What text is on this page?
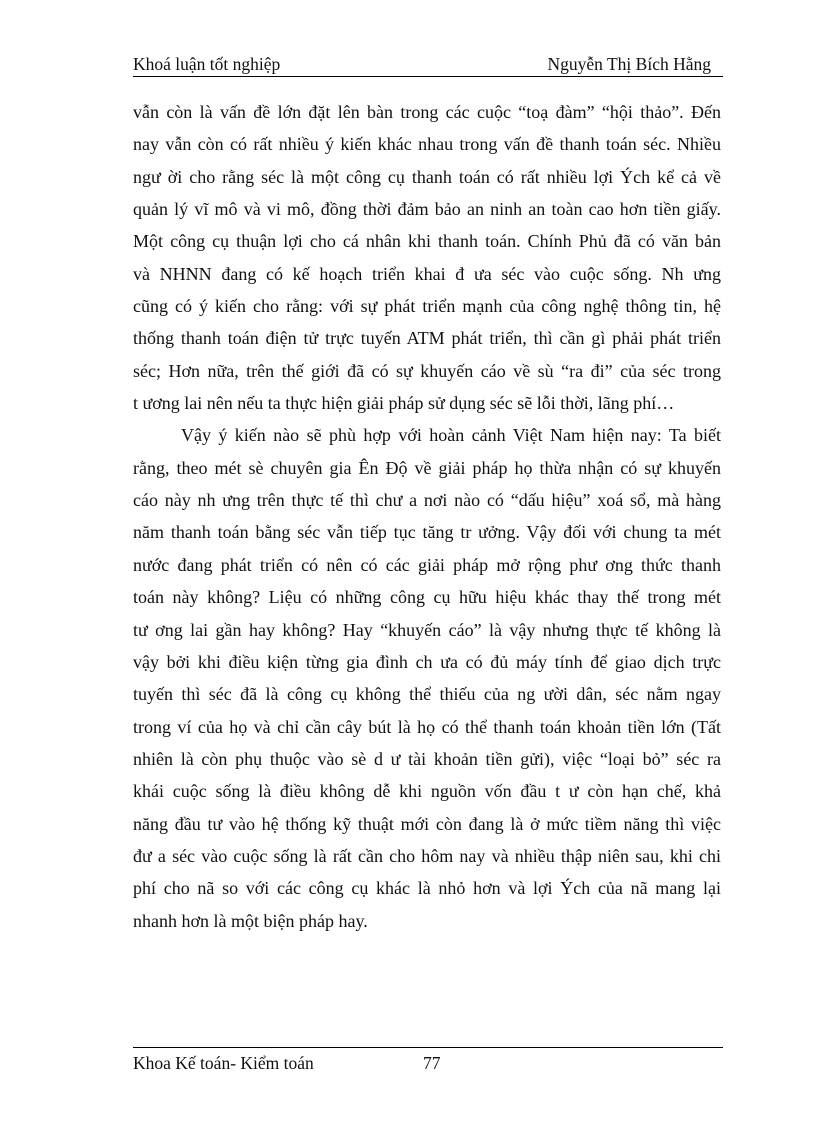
Khoá luận tốt nghiệp	Nguyễn Thị Bích Hằng

vẫn còn là vấn đề lớn đặt lên bàn trong các cuộc “toạ đàm” “hội thảo”. Đến
nay vẫn còn có rất nhiều ý kiến khác nhau trong vấn đề thanh toán séc. Nhiều
ngư ời cho rằng séc là một công cụ thanh toán có rất nhiều lợi Ých kể cả về
quản lý vĩ mô và vi mô, đồng thời đảm bảo an ninh an toàn cao hơn tiền giấy.
Một công cụ thuận lợi cho cá nhân khi thanh toán. Chính Phủ đã có văn bản
và NHNN đang có kế hoạch triển khai đ ưa séc vào cuộc sống. Nh ưng
cũng có ý kiến cho rằng: với sự phát triển mạnh của công nghệ thông tin, hệ
thống thanh toán điện tử trực tuyến ATM phát triển, thì cần gì phải phát triển
séc; Hơn nữa, trên thế giới đã có sự khuyến cáo về sù “ra đi” của séc trong
t ương lai nên nếu ta thực hiện giải pháp sử dụng séc sẽ lỗi thời, lãng phí…

Vậy ý kiến nào sẽ phù hợp với hoàn cảnh Việt Nam hiện nay: Ta biết
rằng, theo mét sè chuyên gia Ên Độ về giải pháp họ thừa nhận có sự khuyến
cáo này nh ưng trên thực tế thì chư a nơi nào có “dấu hiệu” xoá sổ, mà hàng
năm thanh toán bằng séc vẫn tiếp tục tăng tr ưởng. Vậy đối với chung ta mét
nước đang phát triển có nên có các giải pháp mở rộng phư ơng thức thanh
toán này không? Liệu có những công cụ hữu hiệu khác thay thế trong mét
tư ơng lai gần hay không? Hay “khuyến cáo” là vậy nhưng thực tế không là
vậy bởi khi điều kiện từng gia đình ch ưa có đủ máy tính để giao dịch trực
tuyến thì séc đã là công cụ không thể thiếu của ng ười dân, séc nằm ngay
trong ví của họ và chỉ cần cây bút là họ có thể thanh toán khoản tiền lớn (Tất
nhiên là còn phụ thuộc vào sè d ư tài khoản tiền gửi), việc “loại bỏ” séc ra
khái cuộc sống là điều không dễ khi nguồn vốn đầu t ư còn hạn chế, khả
năng đầu tư vào hệ thống kỹ thuật mới còn đang là ở mức tiềm năng thì việc
đư a séc vào cuộc sống là rất cần cho hôm nay và nhiều thập niên sau, khi chi
phí cho nã so với các công cụ khác là nhỏ hơn và lợi Ých của nã mang lại
nhanh hơn là một biện pháp hay.

Khoa Kế toán- Kiểm toán	77
